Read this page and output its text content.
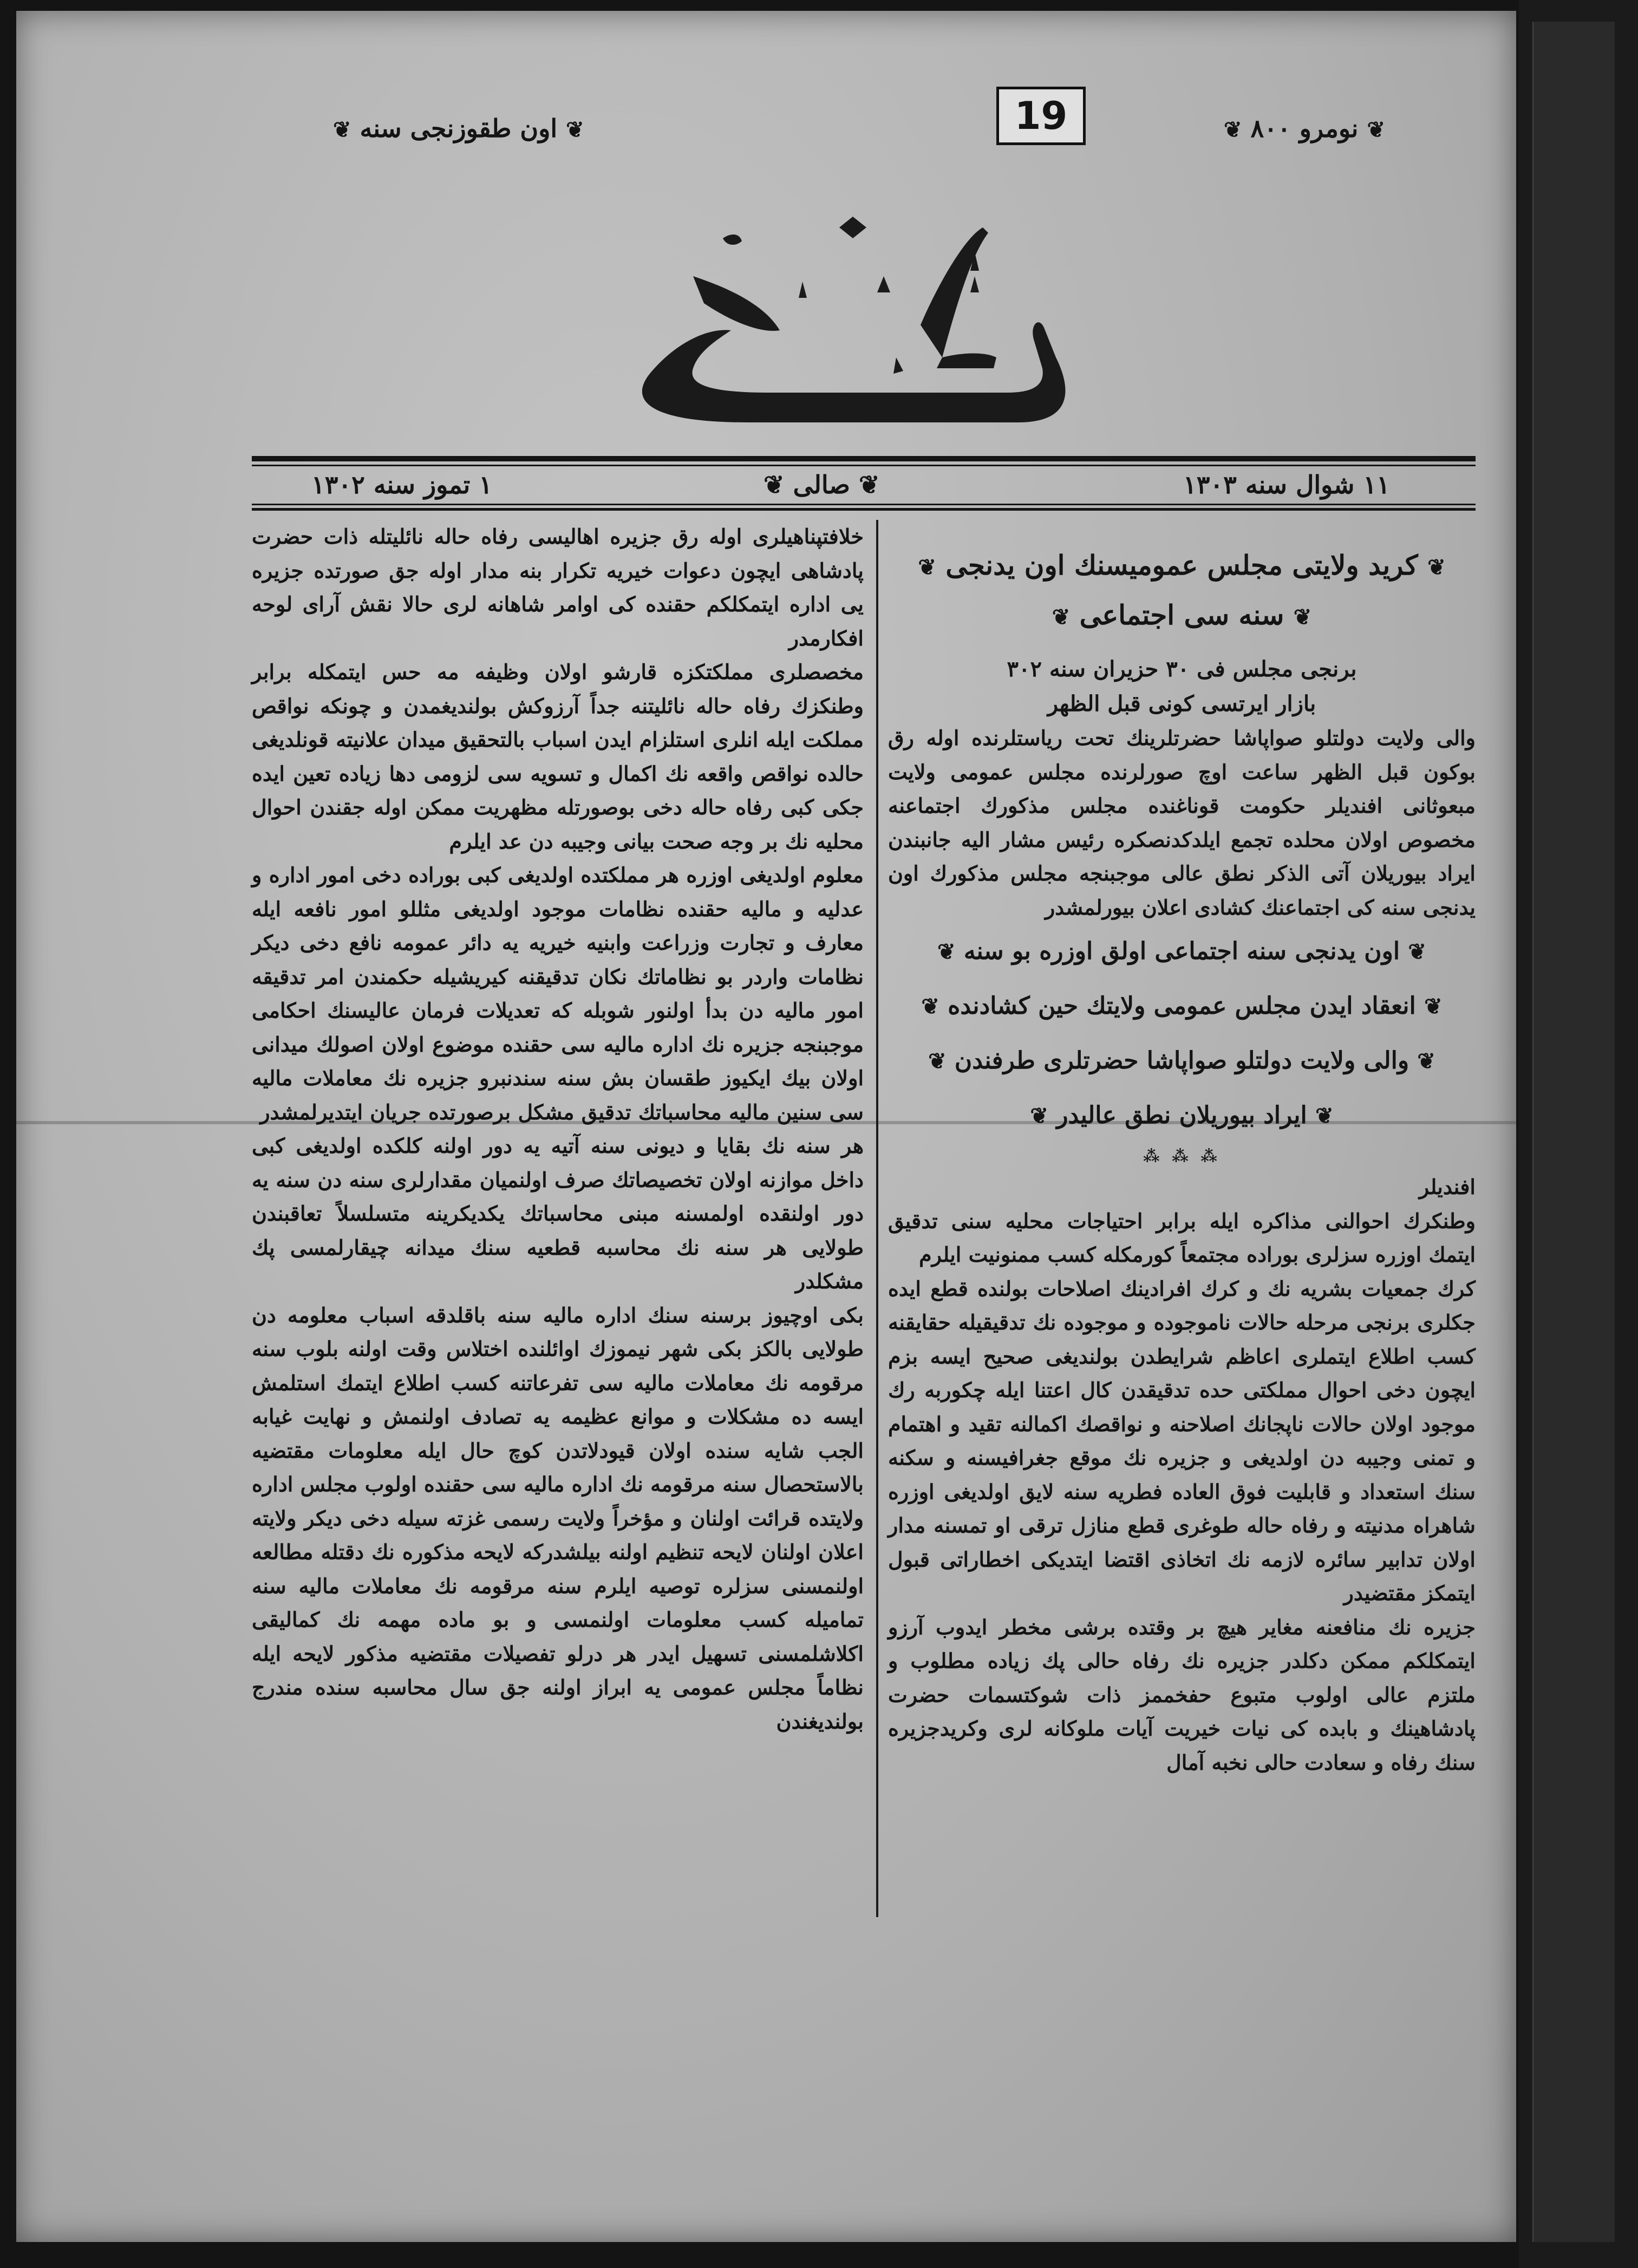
❦ نومرو ۸۰۰ ❦
19
❦ اون طقوزنجی سنه ❦
۱۱ شوال سنه ۱۳۰۳
❦ صالی ❦
۱ تموز سنه ۱۳۰۲
❦ کرید ولایتی مجلس عمومیسنك اون یدنجی ❦
❦ سنه سی اجتماعی ❦
برنجی مجلس فی ۳۰ حزیران سنه ۳۰۲
بازار ایرتسی کونی قبل الظهر

والی ولایت دولتلو صواپاشا حضرتلرینك تحت ریاستلرنده اوله رق بوکون قبل الظهر ساعت اوچ صورلرنده مجلس عمومی ولایت مبعوثانی افندیلر حکومت قوناغنده مجلس مذکورك اجتماعنه مخصوص اولان محلده تجمع ایلدکدنصکره رئیس مشار الیه جانبندن ایراد بیوریلان آتی الذکر نطق عالی موجبنجه مجلس مذکورك اون یدنجی سنه کی اجتماعنك کشادی اعلان بیورلمشدر

❦ اون یدنجی سنه اجتماعی اولق اوزره بو سنه ❦
❦ انعقاد ایدن مجلس عمومی ولایتك حین کشادنده ❦
❦ والی ولایت دولتلو صواپاشا حضرتلری طرفندن ❦
❦ ایراد بیوریلان نطق عالیدر ❦
⁂ ⁂ ⁂

افندیلر

وطنکرك احوالنی مذاکره ایله برابر احتیاجات محلیه سنی تدقیق ایتمك اوزره سزلری بوراده مجتمعاً کورمکله کسب ممنونیت ایلرم

کرك جمعیات بشریه نك و کرك افرادینك اصلاحات بولنده قطع ایده جکلری برنجی مرحله حالات ناموجوده و موجوده نك تدقیقیله حقایقنه کسب اطلاع ایتملری اعاظم شرایطدن بولندیغی صحیح ایسه بزم ایچون دخی احوال مملکتی حده تدقیقدن کال اعتنا ایله چکوربه رك موجود اولان حالات ناپجانك اصلاحنه و نواقصك اکمالنه تقید و اهتمام و تمنی وجیبه دن اولدیغی و جزیره نك موقع جغرافیسنه و سکنه سنك استعداد و قابلیت فوق العاده فطریه سنه لایق اولدیغی اوزره شاهراه مدنیته و رفاه حاله طوغری قطع منازل ترقی او تمسنه مدار اولان تدابیر سائره لازمه نك اتخاذی اقتضا ایتدیکی اخطاراتی قبول ایتمکز مقتضیدر

جزیره نك منافعنه مغایر هیچ بر وقتده برشی مخطر ایدوب آرزو ایتمکلکم ممکن دکلدر جزیره نك رفاه حالی پك زیاده مطلوب و ملتزم عالی اولوب متبوع حفخممز ذات شوکتسمات حضرت پادشاهینك و بابده کی نیات خیریت آیات ملوکانه لری وکریدجزیره سنك رفاه و سعادت حالی نخبه آمال

خلافتپناهیلری اوله رق جزیره اهالیسی رفاه حاله نائلیتله ذات حضرت پادشاهی ایچون دعوات خیریه تکرار بنه مدار اوله جق صورتده جزیره یی اداره ایتمکلکم حقنده کی اوامر شاهانه لری حالا نقش آرای لوحه افکارمدر

مخصصلری مملکتکزه قارشو اولان وظیفه مه حس ایتمکله برابر وطنکزك رفاه حاله نائلیتنه جداً آرزوکش بولندیغمدن و چونکه نواقص مملکت ایله انلری استلزام ایدن اسباب بالتحقیق میدان علانیته قونلدیغی حالده نواقص واقعه نك اکمال و تسویه سی لزومی دها زیاده تعین ایده جکی کبی رفاه حاله دخی بوصورتله مظهریت ممکن اوله جقندن احوال محلیه نك بر وجه صحت بیانی وجیبه دن عد ایلرم

معلوم اولدیغی اوزره هر مملکتده اولدیغی کبی بوراده دخی امور اداره و عدلیه و مالیه حقنده نظامات موجود اولدیغی مثللو امور نافعه ایله معارف و تجارت وزراعت وابنیه خیریه یه دائر عمومه نافع دخی دیکر نظامات واردر بو نظاماتك نکان تدقیقنه کیریشیله حکمندن امر تدقیقه امور مالیه دن بدأ اولنور شوبله که تعدیلات فرمان عالیسنك احکامی موجبنجه جزیره نك اداره مالیه سی حقنده موضوع اولان اصولك میدانی اولان بیك ایکیوز طقسان بش سنه سندنبرو جزیره نك معاملات مالیه سی سنین مالیه محاسباتك تدقیق مشکل برصورتده جریان ایتدیرلمشدر

هر سنه نك بقایا و دیونی سنه آتیه یه دور اولنه کلکده اولدیغی کبی داخل موازنه اولان تخصیصاتك صرف اولنمیان مقدارلری سنه دن سنه یه دور اولنقده اولمسنه مبنی محاسباتك یکدیکرینه متسلسلاً تعاقبندن طولایی هر سنه نك محاسبه قطعیه سنك میدانه چیقارلمسی پك مشکلدر

بکی اوچیوز برسنه سنك اداره مالیه سنه باقلدقه اسباب معلومه دن طولایی بالکز بکی شهر نیموزك اوائلنده اختلاس وقت اولنه بلوب سنه مرقومه نك معاملات مالیه سی تفرعاتنه کسب اطلاع ایتمك استلمش ایسه ده مشکلات و موانع عظیمه یه تصادف اولنمش و نهایت غیابه الجب شایه سنده اولان قیودلاتدن کوچ حال ایله معلومات مقتضیه بالاستحصال سنه مرقومه نك اداره مالیه سی حقنده اولوب مجلس اداره ولایتده قرائت اولنان و مؤخراً ولایت رسمی غزته سیله دخی دیکر ولایته اعلان اولنان لایحه تنظیم اولنه بیلشدرکه لایحه مذکوره نك دقتله مطالعه اولنمسنی سزلره توصیه ایلرم سنه مرقومه نك معاملات مالیه سنه تمامیله کسب معلومات اولنمسی و بو ماده مهمه نك کمالیقی اکلاشلمسنی تسهیل ایدر هر درلو تفصیلات مقتضیه مذکور لایحه ایله نظاماً مجلس عمومی یه ابراز اولنه جق سال محاسبه سنده مندرج بولندیغندن
